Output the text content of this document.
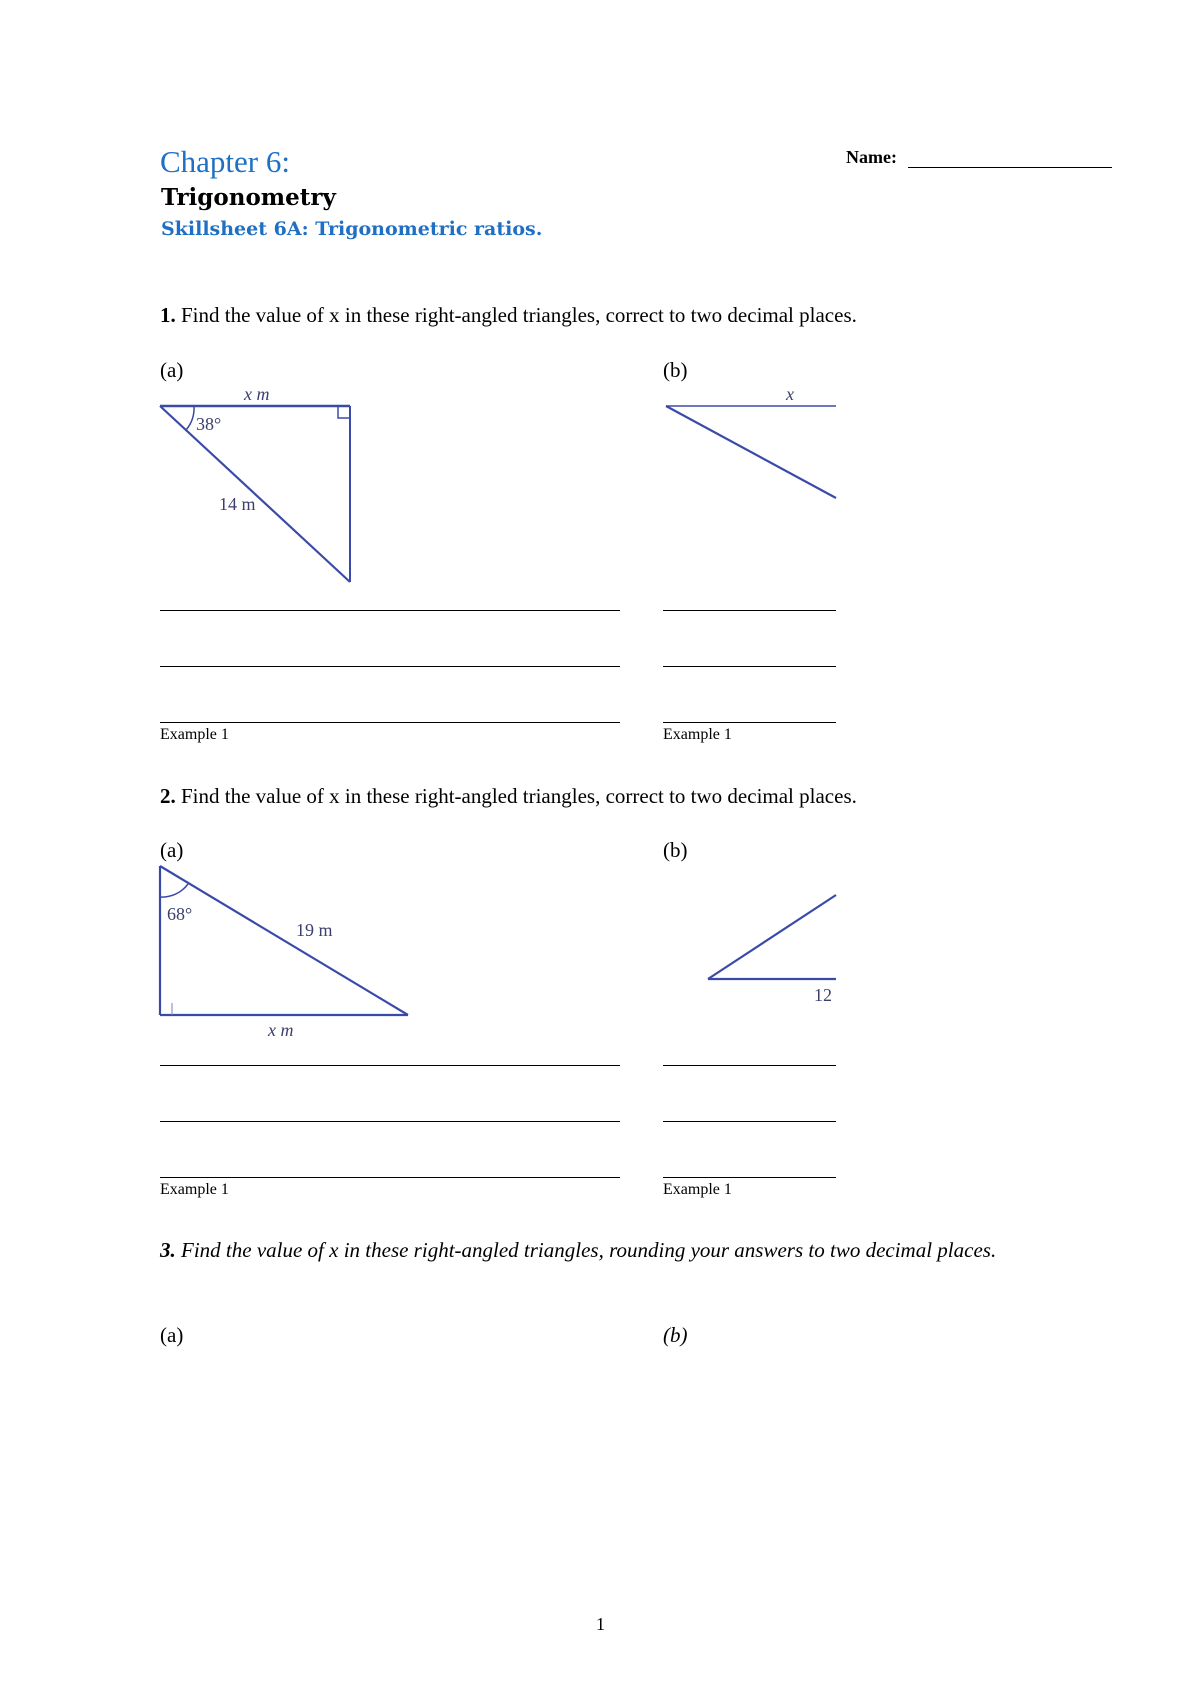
Chapter 6:
Trigonometry
Skillsheet 6A: Trigonometric ratios.
Name:
1. Find the value of x in these right-angled triangles, correct to two decimal places.
(a)	(b)
x m
38°
14 m
x
68°
19 m
x m
12
Example 1	Example 1
2. Find the value of x in these right-angled triangles, correct to two decimal places.
(a)	(b)
Example 1	Example 1
3. Find the value of x in these right-angled triangles, rounding your answers to two decimal places.
(a)	(b)
1
